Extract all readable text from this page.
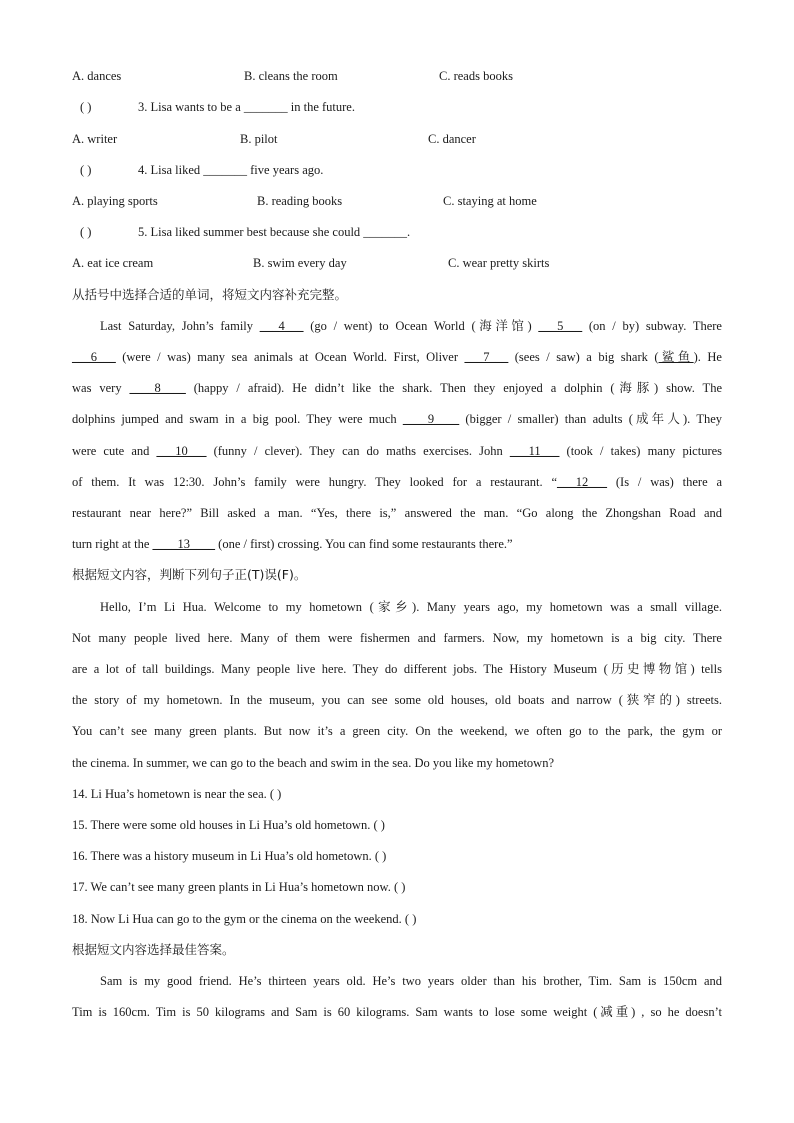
A. dances	B. cleans the room	C. reads books
( )	3. Lisa wants to be a _______ in the future.
A. writer	B. pilot	C. dancer
( )	4. Lisa liked _______ five years ago.
A. playing sports	B. reading books	C. staying at home
( )	5. Lisa liked summer best because she could _______.
A. eat ice cream	B. swim every day	C. wear pretty skirts
从括号中选择合适的单词，将短文内容补充完整。
Last Saturday, John’s family ___4___ (go / went) to Ocean World (海洋馆) ___5___ (on / by) subway. There
___6___ (were / was) many sea animals at Ocean World. First, Oliver ___7___ (sees / saw) a big shark (鲨鱼). He
was very ____8____ (happy / afraid). He didn’t like the shark. Then they enjoyed a dolphin (海豚) show. The
dolphins jumped and swam in a big pool. They were much ____9____ (bigger / smaller) than adults (成年人). They
were cute and ___10___ (funny / clever). They can do maths exercises. John ___11___ (took / takes) many pictures
of them. It was 12:30. John’s family were hungry. They looked for a restaurant. “___12___ (Is / was) there a
restaurant near here?” Bill asked a man. “Yes, there is,” answered the man. “Go along the Zhongshan Road and
turn right at the ____13____ (one / first) crossing. You can find some restaurants there.”
根据短文内容，判断下列句子正(T)误(F)。
Hello, I’m Li Hua. Welcome to my hometown (家乡). Many years ago, my hometown was a small village.
Not many people lived here. Many of them were fishermen and farmers. Now, my hometown is a big city. There
are a lot of tall buildings. Many people live here. They do different jobs. The History Museum (历史博物馆) tells
the story of my hometown. In the museum, you can see some old houses, old boats and narrow (狭窄的) streets.
You can’t see many green plants. But now it’s a green city. On the weekend, we often go to the park, the gym or
the cinema. In summer, we can go to the beach and swim in the sea. Do you like my hometown?
14. Li Hua’s hometown is near the sea. ( )
15. There were some old houses in Li Hua’s old hometown. ( )
16. There was a history museum in Li Hua’s old hometown. ( )
17. We can’t see many green plants in Li Hua’s hometown now. ( )
18. Now Li Hua can go to the gym or the cinema on the weekend. ( )
根据短文内容选择最佳答案。
Sam is my good friend. He’s thirteen years old. He’s two years older than his brother, Tim. Sam is 150cm and
Tim is 160cm. Tim is 50 kilograms and Sam is 60 kilograms. Sam wants to lose some weight (减重) , so he doesn’t
